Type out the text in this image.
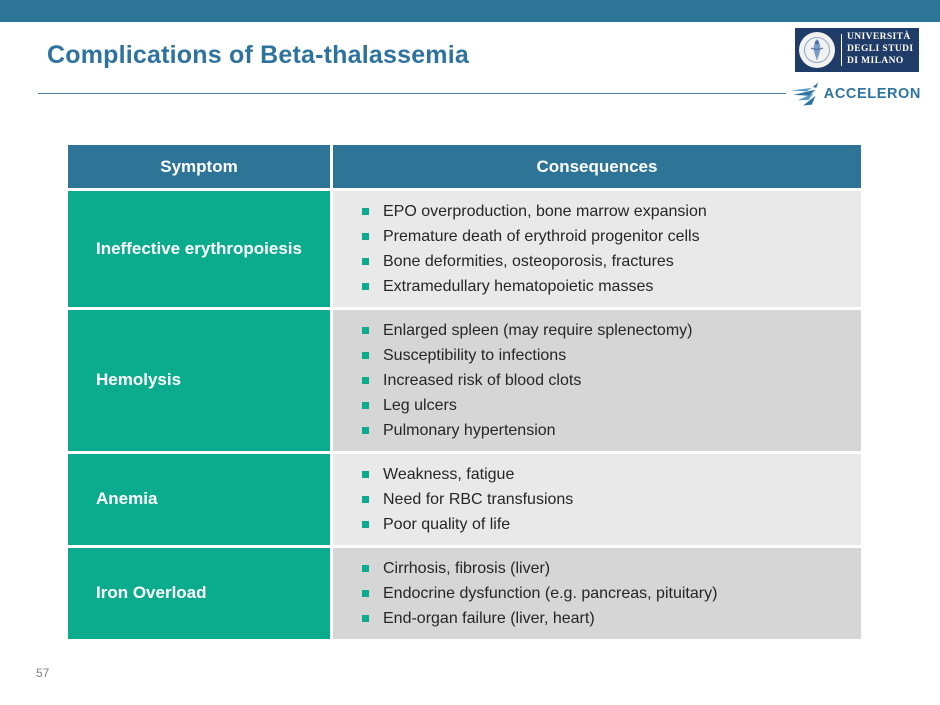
Complications of Beta-thalassemia
UNIVERSITÀ
DEGLI STUDI
DI MILANO
ACCELERON
Symptom	Consequences
Ineffective erythropoiesis	
EPO overproduction, bone marrow expansion
Premature death of erythroid progenitor cells
Bone deformities, osteoporosis, fractures
Extramedullary hematopoietic masses

Hemolysis	
Enlarged spleen (may require splenectomy)
Susceptibility to infections
Increased risk of blood clots
Leg ulcers
Pulmonary hypertension

Anemia	
Weakness, fatigue
Need for RBC transfusions
Poor quality of life

Iron Overload	
Cirrhosis, fibrosis (liver)
Endocrine dysfunction (e.g. pancreas, pituitary)
End-organ failure (liver, heart)
57
